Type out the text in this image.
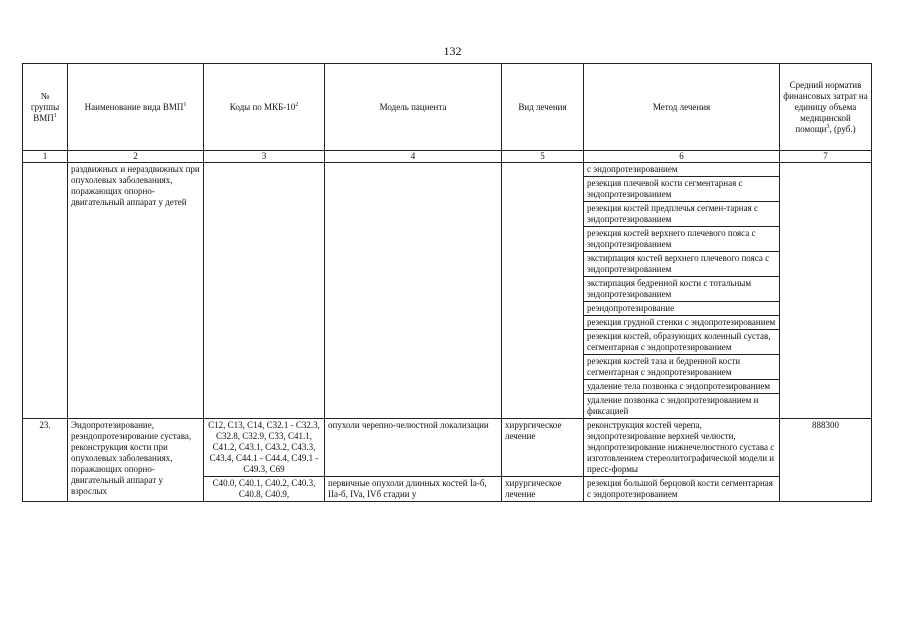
132
№ группы ВМП$^1$	Наименование вида ВМП$^1$	Коды по МКБ-$10^2$	Модель пациента	Вид лечения	Метод лечения	Средний норматив финансовых затрат на единицу объема медицинской помощи$^3$, (руб.)
1	2	3	4	5	6	7
	раздвижных и нераздвижных при опухолевых заболеваниях, поражающих опорно-двигательный аппарат у детей				с эндопротезированием	
					резекция плечевой кости сегментарная с эндопротезированием	
					резекция костей предплечья сегмен-тарная с эндопротезированием	
					резекция костей верхнего плечевого пояса с эндопротезированием	
					экстирпация костей верхнего плечевого пояса с эндопротезированием	
					экстирпация бедренной кости с тотальным эндопротезированием	
					реэндопротезирование	
					резекция грудной стенки с эндопротезированием	
					резекция костей, образующих коленный сустав, сегментарная с эндопротезированием	
					резекция костей таза и бедренной кости сегментарная с эндопротезированием	
					удаление тела позвонка с эндопротезированием	
					удаление позвонка с эндопротезированием и фиксацией	
23.	Эндопротезирование, реэндопротезирование сустава, реконструкция кости при опухолевых заболеваниях, поражающих опорно-двигательный аппарат у взрослых	C12, C13, C14, C32.1 - C32.3, C32.8, C32.9, C33, C41.1, C41.2, C43.1, C43.2, C43.3, C43.4, C44.1 - C44.4, C49.1 - C49.3, C69	опухоли черепно-челюстной локализации	хирургическое лечение	реконструкция костей черепа, эндопротезирование верхней челюсти, эндопротезирование нижнечелюстного сустава с изготовлением стереолитографической модели и пресс-формы	888300
		C40.0, C40.1, C40.2, C40.3, C40.8, C40.9,	первичные опухоли длинных костей Ia-б, IIa-б, IVa, IVб стадии у	хирургическое лечение	резекция большой берцовой кости сегментарная с эндопротезированием	
